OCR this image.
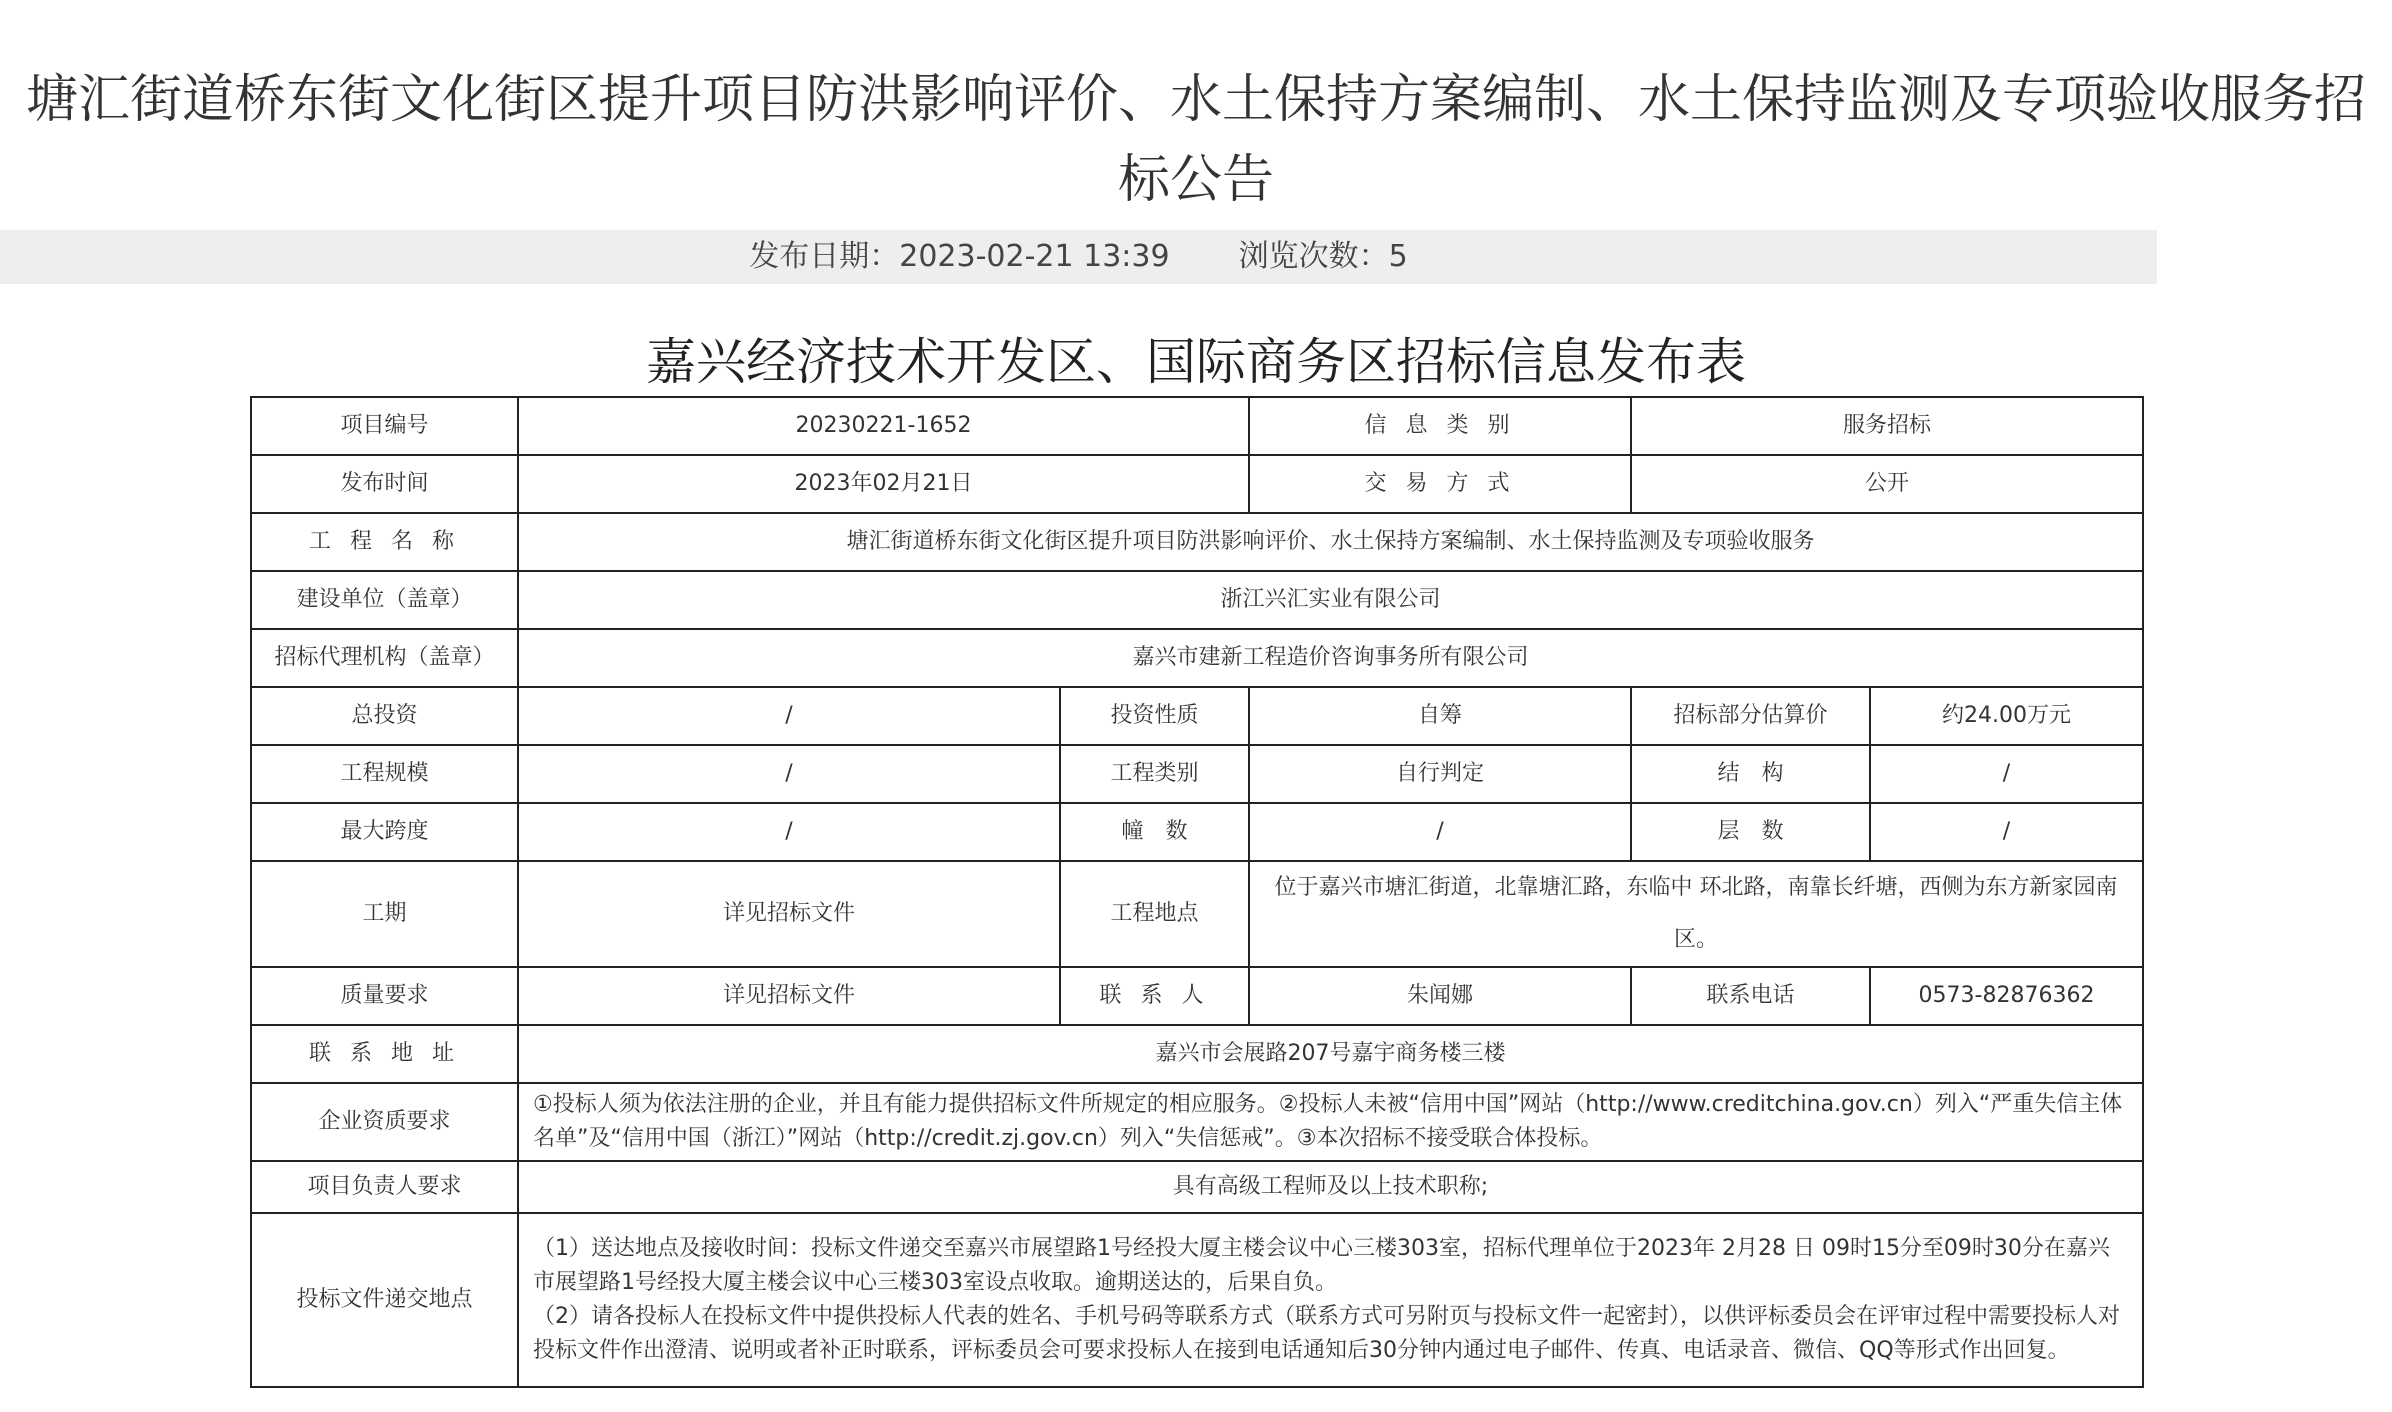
塘汇街道桥东街文化街区提升项目防洪影响评价、水土保持方案编制、水土保持监测及专项验收服务招标公告
发布日期：2023-02-21 13:39 浏览次数：5
嘉兴经济技术开发区、国际商务区招标信息发布表
项目编号	20230221-1652		信 息 类 别	服务招标	
发布时间	2023年02月21日		交 易 方 式	公开	
工 程 名 称	塘汇街道桥东街文化街区提升项目防洪影响评价、水土保持方案编制、水土保持监测及专项验收服务				
建设单位（盖章）	浙江兴汇实业有限公司				
招标代理机构（盖章）	嘉兴市建新工程造价咨询事务所有限公司				
总投资	/	投资性质	自筹	招标部分估算价	约24.00万元
工程规模	/	工程类别	自行判定	结　构	/
最大跨度	/	幢　数	/	层　数	/
工期	详见招标文件	工程地点	位于嘉兴市塘汇街道，北靠塘汇路，东临中 环北路，南靠长纤塘，西侧为东方新家园南区。		
质量要求	详见招标文件	联 系 人	朱闻娜	联系电话	0573-82876362
联 系 地 址	嘉兴市会展路207号嘉宇商务楼三楼				
企业资质要求	①投标人须为依法注册的企业，并且有能力提供招标文件所规定的相应服务。②投标人未被“信用中国”网站（http://www.creditchina.gov.cn）列入“严重失信主体名单”及“信用中国（浙江）”网站（http://credit.zj.gov.cn）列入“失信惩戒”。③本次招标不接受联合体投标。				
项目负责人要求	具有高级工程师及以上技术职称;				
投标文件递交地点	（1）送达地点及接收时间：投标文件递交至嘉兴市展望路1号经投大厦主楼会议中心三楼303室，招标代理单位于2023年 2月28 日 09时15分至09时30分在嘉兴市展望路1号经投大厦主楼会议中心三楼303室设点收取。逾期送达的，后果自负。

（2）请各投标人在投标文件中提供投标人代表的姓名、手机号码等联系方式（联系方式可另附页与投标文件一起密封），以供评标委员会在评审过程中需要投标人对投标文件作出澄清、说明或者补正时联系，评标委员会可要求投标人在接到电话通知后30分钟内通过电子邮件、传真、电话录音、微信、QQ等形式作出回复。				
